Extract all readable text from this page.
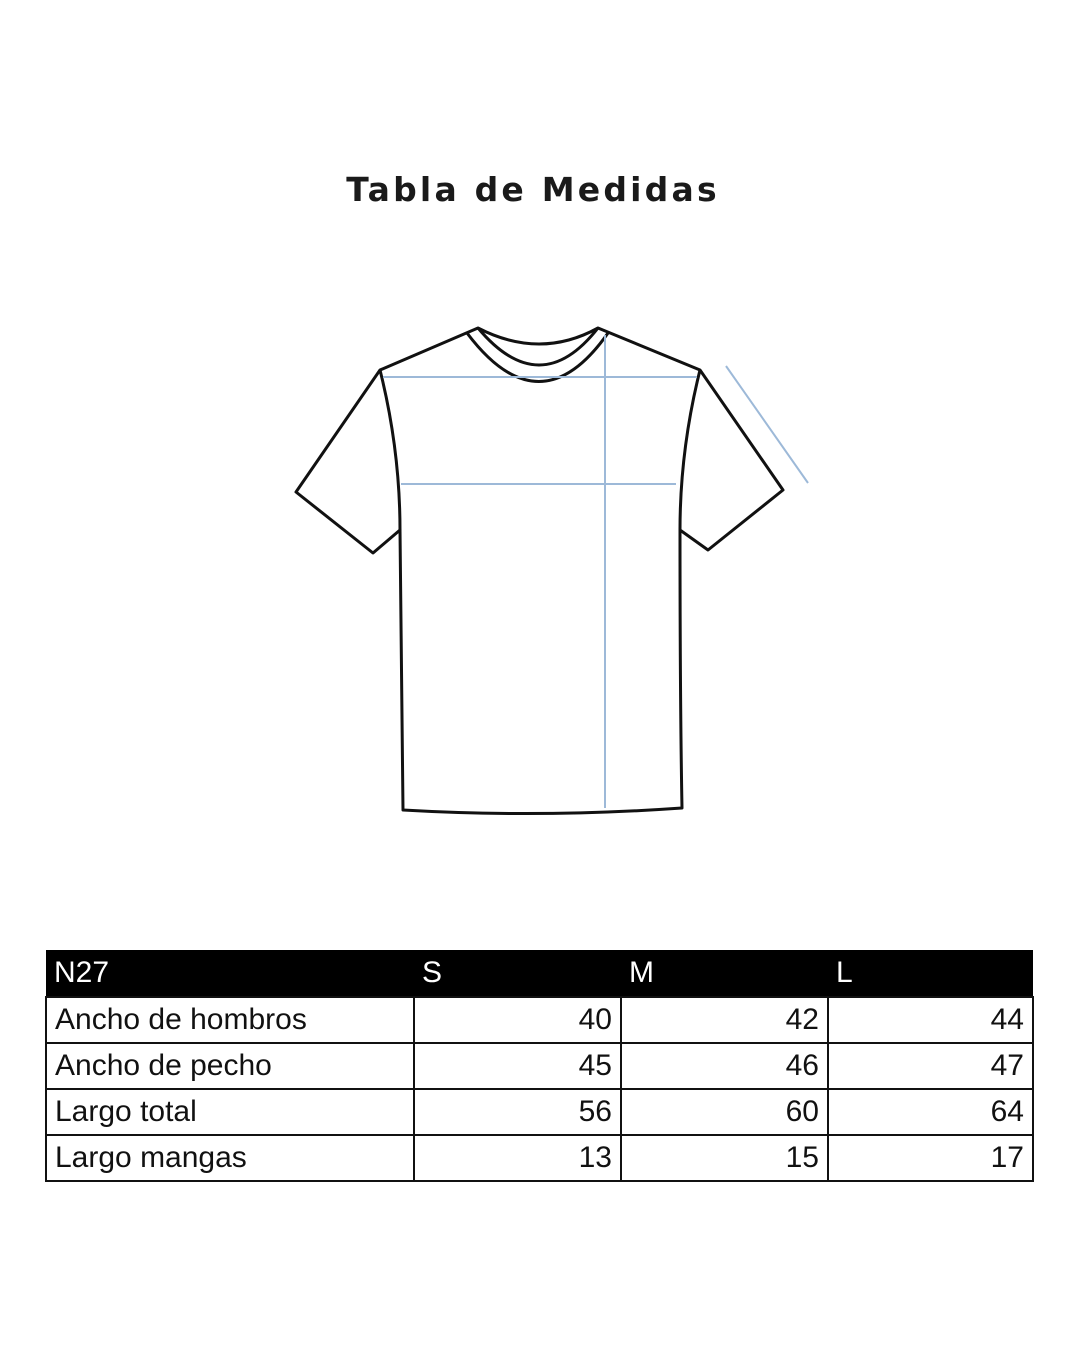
Tabla de Medidas
N27	S	M	L
Ancho de hombros	40	42	44
Ancho de pecho	45	46	47
Largo total	56	60	64
Largo mangas	13	15	17
